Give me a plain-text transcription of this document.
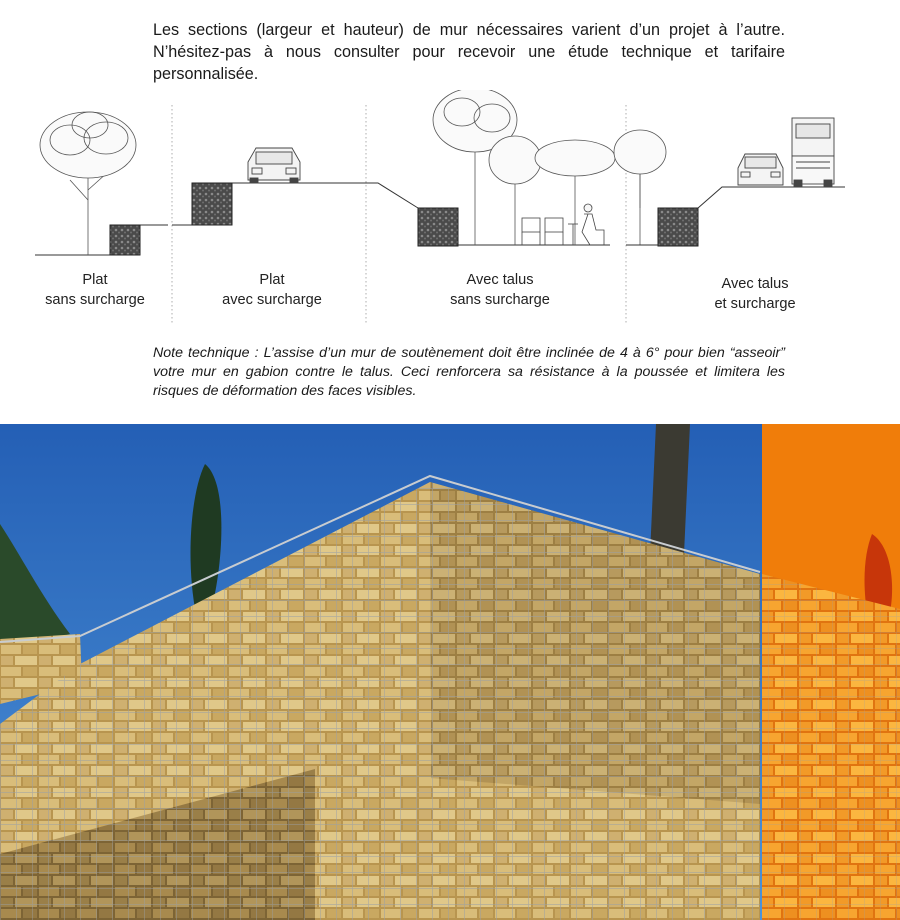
Les sections (largeur et hauteur) de mur nécessaires varient d’un projet à l’autre. N’hésitez-pas à nous consulter pour recevoir une étude technique et tarifaire personnalisée.

Plat
sans surcharge
Plat
avec surcharge
Avec talus
sans surcharge
Avec talus
et surcharge

Note technique : L’assise d’un mur de soutènement doit être inclinée de 4 à 6° pour bien “asseoir” votre mur en gabion contre le talus. Ceci renforcera sa résistance à la poussée et limitera les risques de déformation des faces visibles.
